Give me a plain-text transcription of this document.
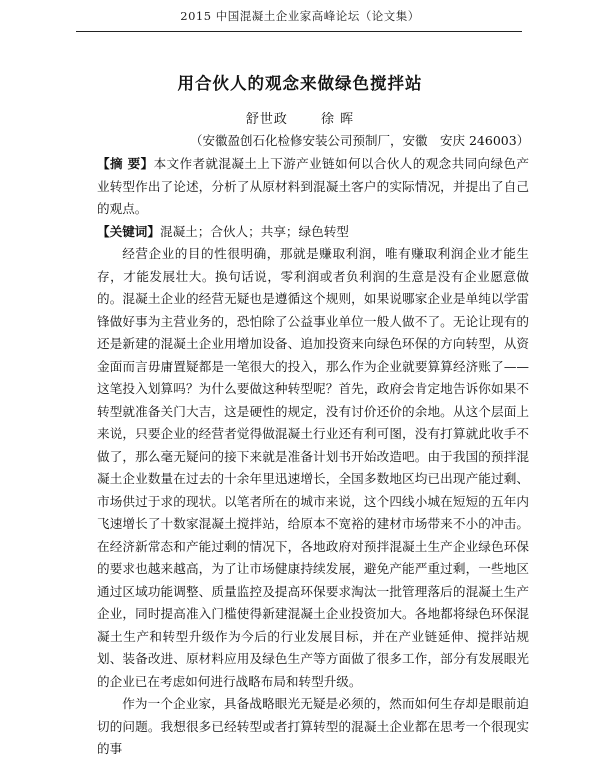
2015 中国混凝土企业家高峰论坛（论文集）
用合伙人的观念来做绿色搅拌站
舒世政	徐 晖
（安徽盈创石化检修安装公司预制厂，安徽　安庆 246003）

【摘 要】本文作者就混凝土上下游产业链如何以合伙人的观念共同向绿色产业转型作出了论述，分析了从原材料到混凝土客户的实际情况，并提出了自己的观点。

【关键词】混凝土；合伙人；共享；绿色转型

经营企业的目的性很明确，那就是赚取利润，唯有赚取利润企业才能生存，才能发展壮大。换句话说，零利润或者负利润的生意是没有企业愿意做的。混凝土企业的经营无疑也是遵循这个规则，如果说哪家企业是单纯以学雷锋做好事为主营业务的，恐怕除了公益事业单位一般人做不了。无论让现有的还是新建的混凝土企业用增加设备、追加投资来向绿色环保的方向转型，从资金面而言毋庸置疑都是一笔很大的投入，那么作为企业就要算算经济账了——这笔投入划算吗？为什么要做这种转型呢？首先，政府会肯定地告诉你如果不转型就准备关门大吉，这是硬性的规定，没有讨价还价的余地。从这个层面上来说，只要企业的经营者觉得做混凝土行业还有利可图，没有打算就此收手不做了，那么毫无疑问的接下来就是准备计划书开始改造吧。由于我国的预拌混凝土企业数量在过去的十余年里迅速增长，全国多数地区均已出现产能过剩、市场供过于求的现状。以笔者所在的城市来说，这个四线小城在短短的五年内飞速增长了十数家混凝土搅拌站，给原本不宽裕的建材市场带来不小的冲击。在经济新常态和产能过剩的情况下，各地政府对预拌混凝土生产企业绿色环保的要求也越来越高，为了让市场健康持续发展，避免产能严重过剩，一些地区通过区域功能调整、质量监控及提高环保要求淘汰一批管理落后的混凝土生产企业，同时提高准入门槛使得新建混凝土企业投资加大。各地都将绿色环保混凝土生产和转型升级作为今后的行业发展目标，并在产业链延伸、搅拌站规划、装备改进、原材料应用及绿色生产等方面做了很多工作，部分有发展眼光的企业已在考虑如何进行战略布局和转型升级。

作为一个企业家，具备战略眼光无疑是必须的，然而如何生存却是眼前迫切的问题。我想很多已经转型或者打算转型的混凝土企业都在思考一个很现实的事
